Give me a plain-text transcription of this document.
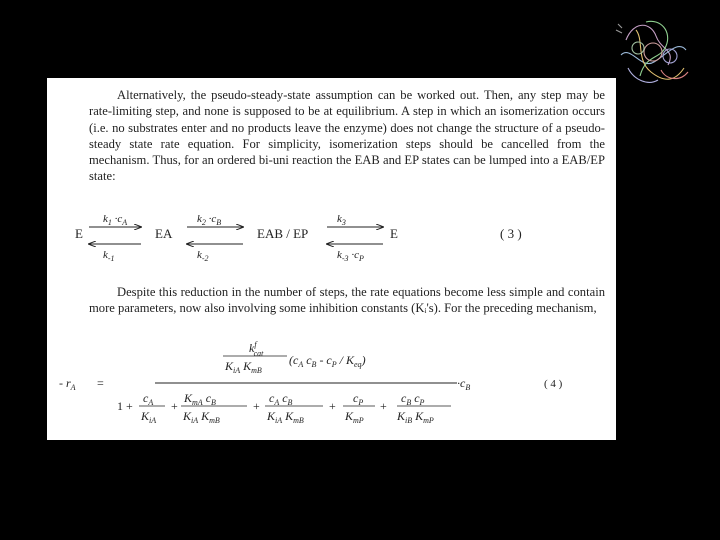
Alternatively, the pseudo-steady-state assumption can be worked out. Then, any step may be rate-limiting step, and none is supposed to be at equilibrium. A step in which an isomerization occurs (i.e. no substrates enter and no products leave the enzyme) does not change the structure of a pseudo-steady state rate equation. For simplicity, isomerization steps should be cancelled from the mechanism. Thus, for an ordered bi-uni reaction the EAB and EP states can be lumped into a EAB/EP state:
E	EA	EAB / EP	E
$k_1 \cdot c_A$	$k_2 \cdot c_B$	$k_3$
$k_{-1}$	$k_{-2}$	$k_{-3} \cdot c_P$
( 3 )
Despite this reduction in the number of steps, the rate equations become less simple and contain more parameters, now also involving some inhibition constants (Kᵢ's). For the preceding mechanism,
$k^f$ cat
$K_{iA}$ $K_{mB}$
($c_A$ $c_B - c_P / K_{eq}$)
- $r_A$ =
1 +
$c_A$
$K_{iA}$
+
$K_{mA}$ $c_B$
$K_{iA}$ $K_{mB}$
+
$c_A$ $c_B$
$K_{iA}$ $K_{mB}$
+
$c_P$
$K_{mP}$
+
$c_B$ $c_P$
$K_{iB}$ $K_{mP}$
$\cdot c_B$	( 4 )
